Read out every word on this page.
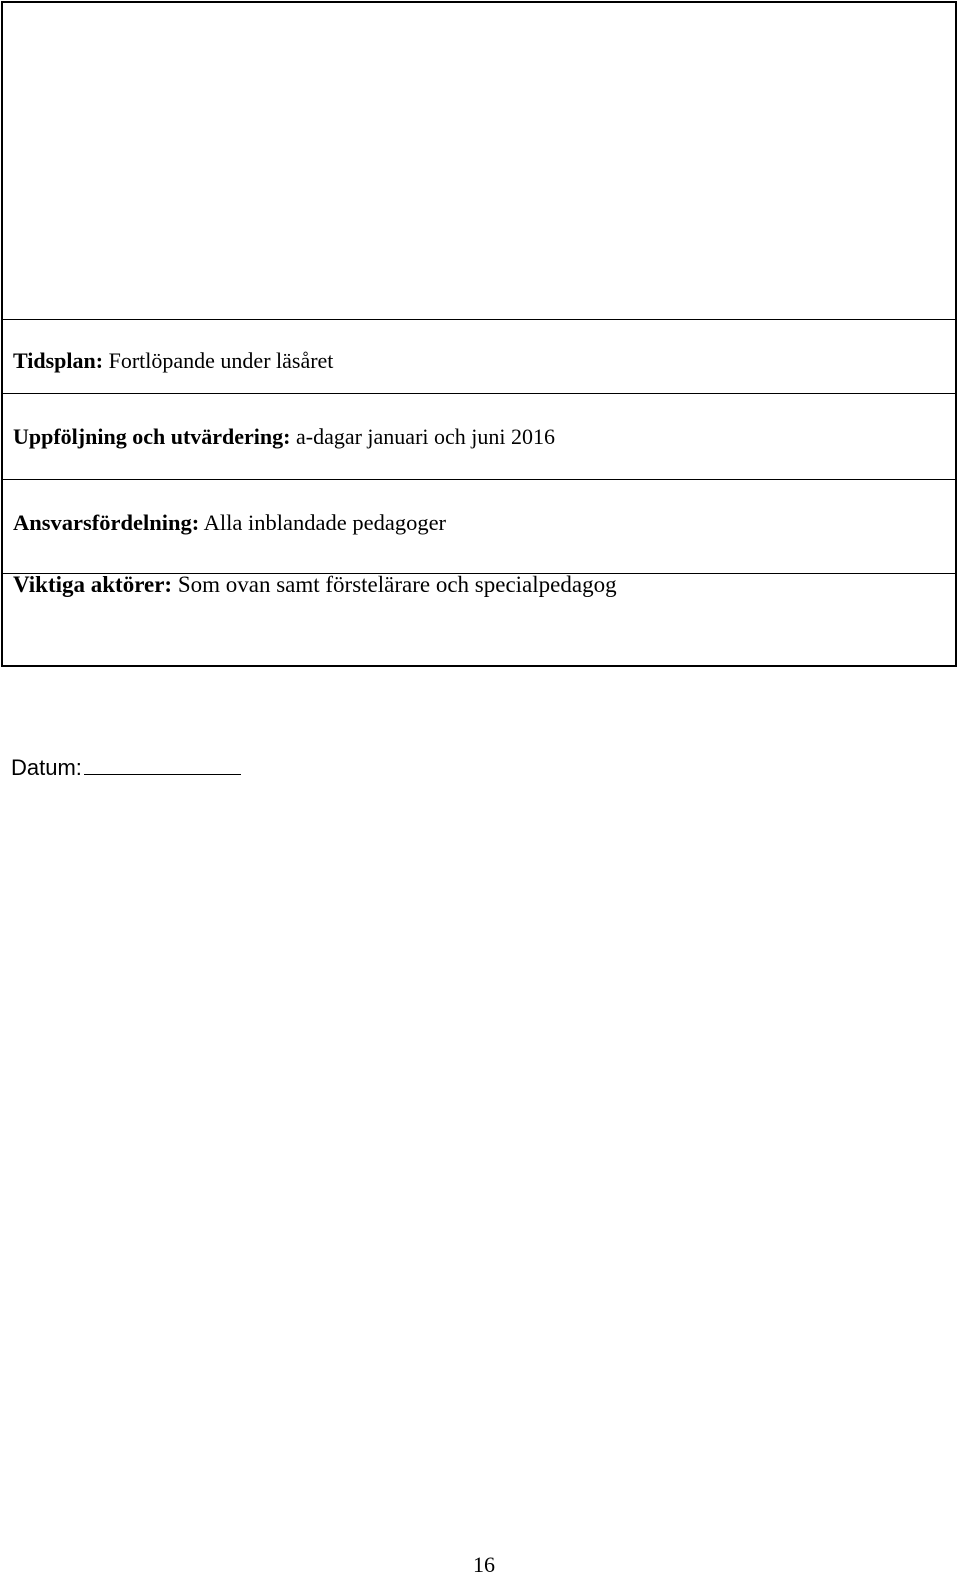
Tidsplan: Fortlöpande under läsåret

Uppföljning och utvärdering: a-dagar januari och juni 2016

Ansvarsfördelning: Alla inblandade pedagoger

Viktiga aktörer: Som ovan samt förstelärare och specialpedagog

Datum:
16
